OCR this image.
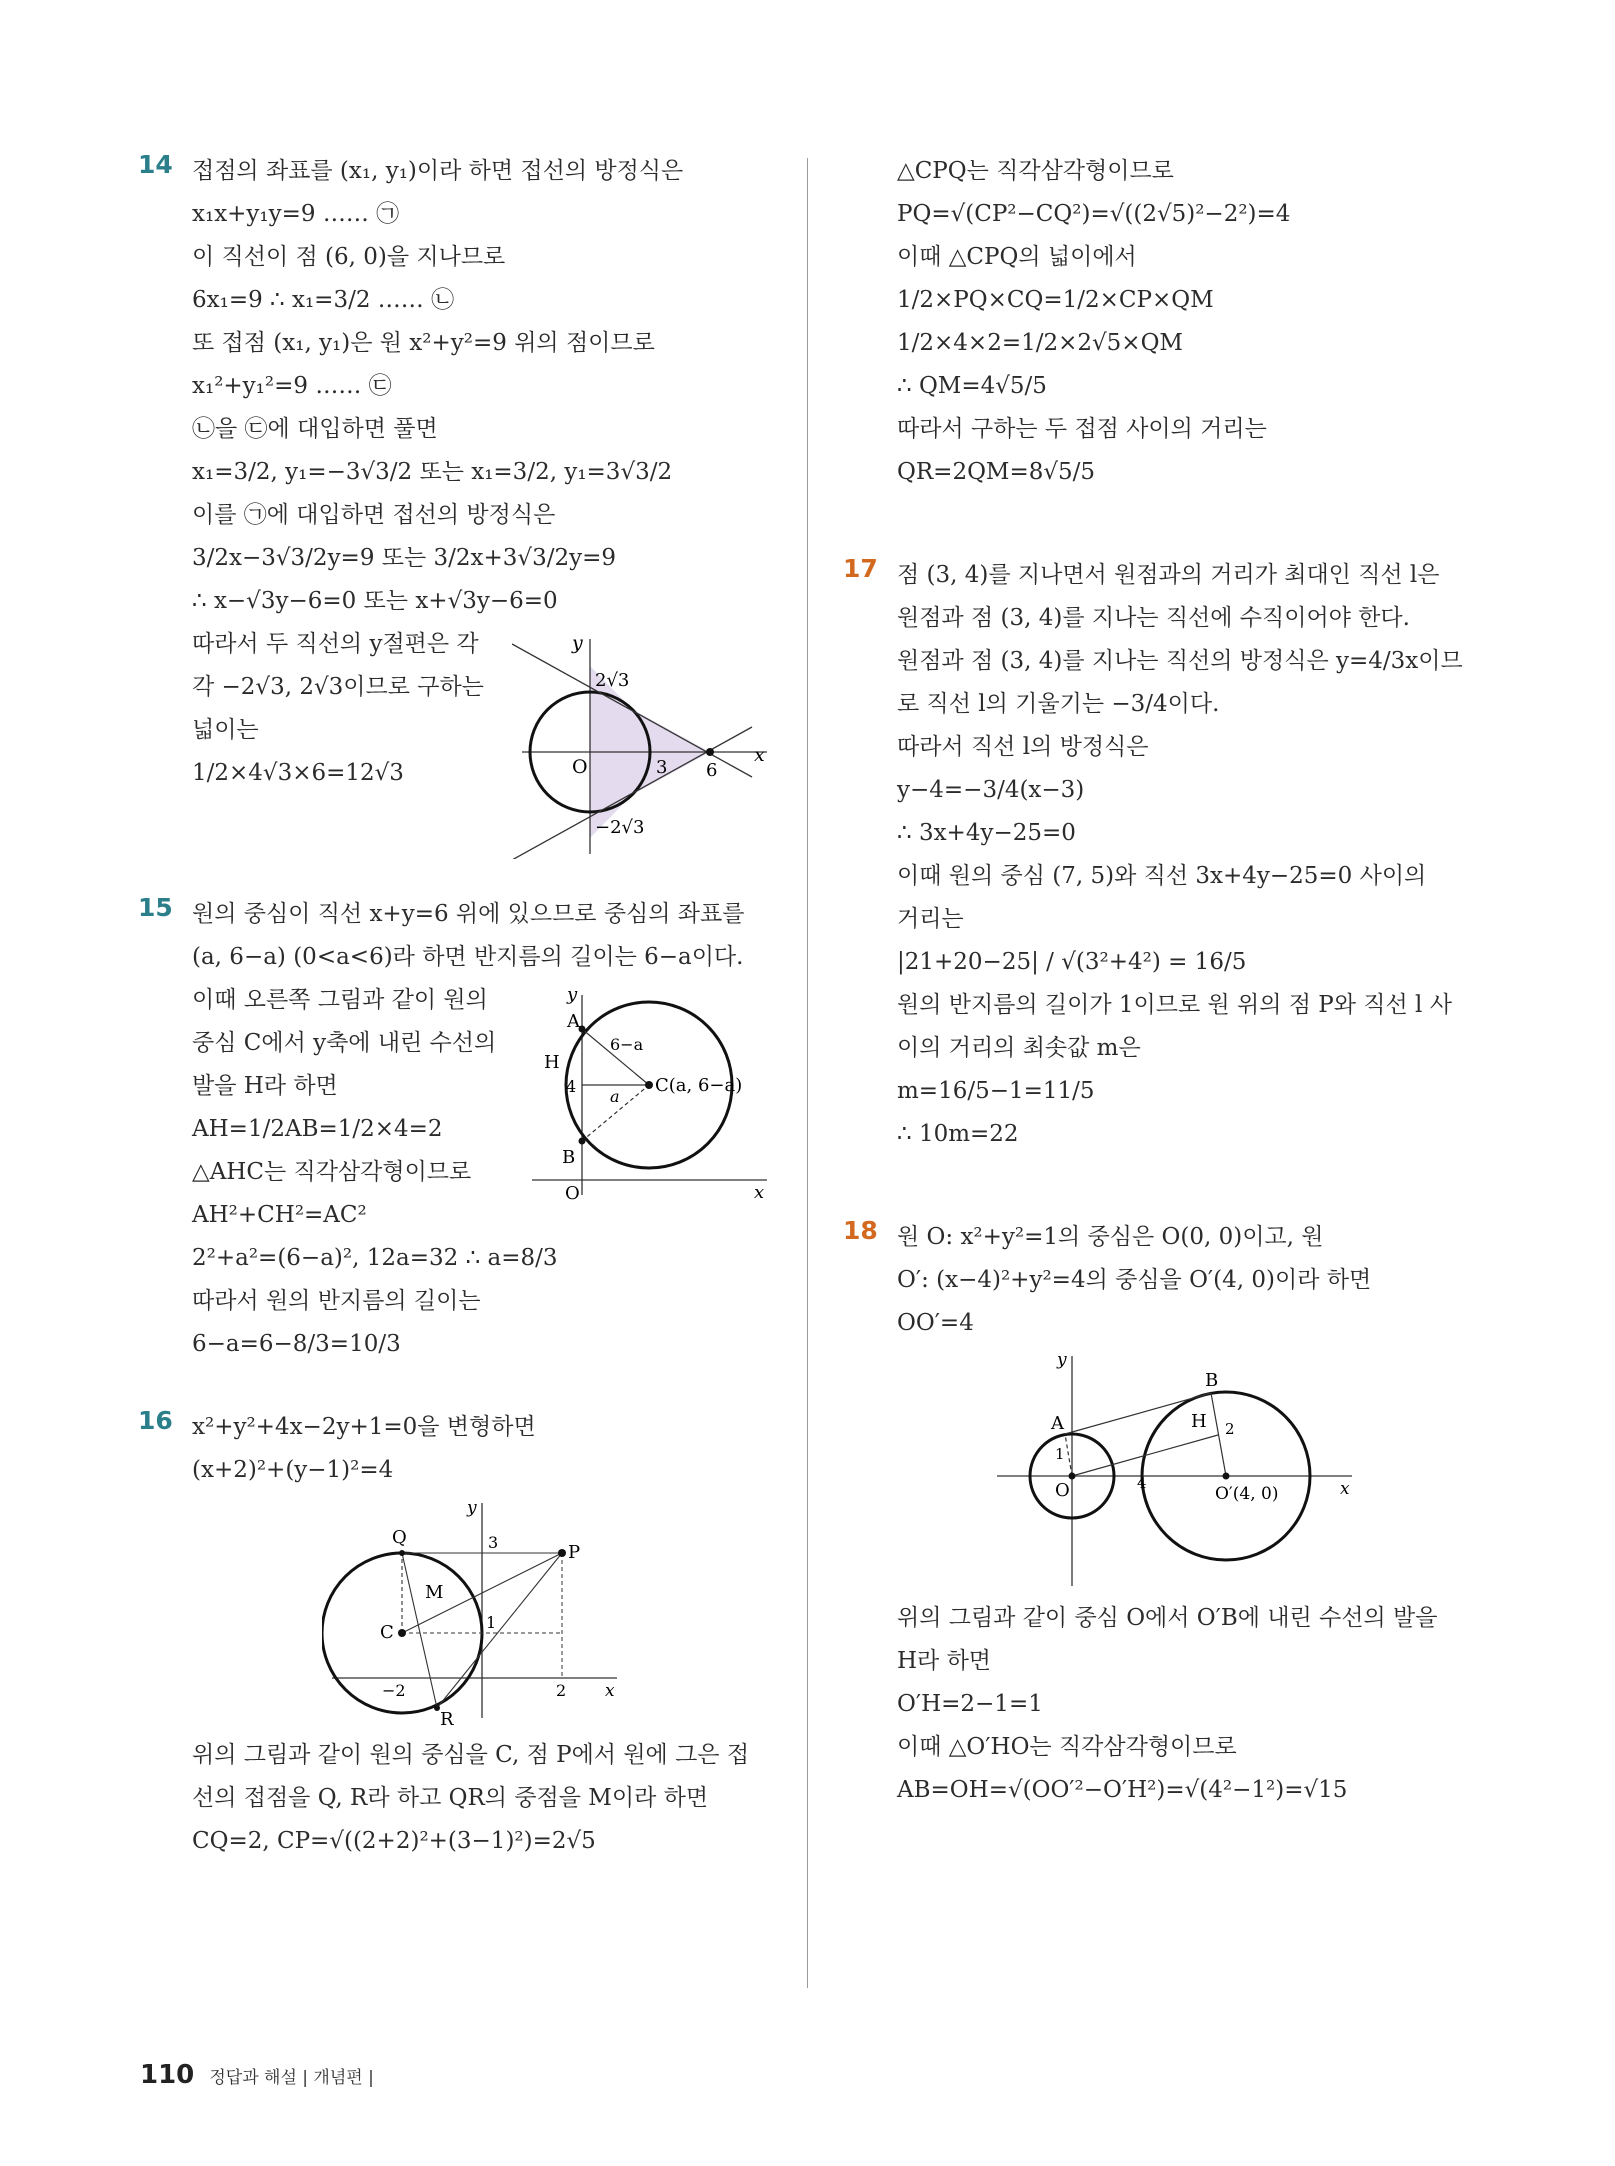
14 접점의 좌표를 (x₁, y₁)이라 하면 접선의 방정식은
x₁x+y₁y=9 …… ㉠
이 직선이 점 (6, 0)을 지나므로
6x₁=9 ∴ x₁=3/2 …… ㉡
또 접점 (x₁, y₁)은 원 x²+y²=9 위의 점이므로
x₁²+y₁²=9 …… ㉢
㉡을 ㉢에 대입하면 풀면
x₁=3/2, y₁=−3√3/2 또는 x₁=3/2, y₁=3√3/2
이를 ㉠에 대입하면 접선의 방정식은
3/2x−3√3/2y=9 또는 3/2x+3√3/2y=9
∴ x−√3y−6=0 또는 x+√3y−6=0
따라서 두 직선의 y절편은 각
각 −2√3, 2√3이므로 구하는
넓이는
1/2×4√3×6=12√3
y
x
O	3 6
2√3
−2√3
15 원의 중심이 직선 x+y=6 위에 있으므로 중심의 좌표를
(a, 6−a) (0<a<6)라 하면 반지름의 길이는 6−a이다.
이때 오른쪽 그림과 같이 원의
중심 C에서 y축에 내린 수선의
발을 H라 하면
AH=1/2AB=1/2×4=2
△AHC는 직각삼각형이므로
y
x
O
A
B
H
C(a, 6−a)
6−a
a
4
AH²+CH²=AC²
2²+a²=(6−a)², 12a=32 ∴ a=8/3
따라서 원의 반지름의 길이는
6−a=6−8/3=10/3
16 x²+y²+4x−2y+1=0을 변형하면
(x+2)²+(y−1)²=4
y
x
P
Q
R
M
C
3
1
−2	2
위의 그림과 같이 원의 중심을 C, 점 P에서 원에 그은 접
선의 접점을 Q, R라 하고 QR의 중점을 M이라 하면
CQ=2, CP=√((2+2)²+(3−1)²)=2√5
△CPQ는 직각삼각형이므로
PQ=√(CP²−CQ²)=√((2√5)²−2²)=4
이때 △CPQ의 넓이에서
1/2×PQ×CQ=1/2×CP×QM
1/2×4×2=1/2×2√5×QM
∴ QM=4√5/5
따라서 구하는 두 접점 사이의 거리는
QR=2QM=8√5/5
17 점 (3, 4)를 지나면서 원점과의 거리가 최대인 직선 l은
원점과 점 (3, 4)를 지나는 직선에 수직이어야 한다.
원점과 점 (3, 4)를 지나는 직선의 방정식은 y=4/3x이므
로 직선 l의 기울기는 −3/4이다.
따라서 직선 l의 방정식은
y−4=−3/4(x−3)
∴ 3x+4y−25=0
이때 원의 중심 (7, 5)와 직선 3x+4y−25=0 사이의
거리는
|21+20−25| / √(3²+4²) = 16/5
원의 반지름의 길이가 1이므로 원 위의 점 P와 직선 l 사
이의 거리의 최솟값 m은
m=16/5−1=11/5
∴ 10m=22
18 원 O: x²+y²=1의 중심은 O(0, 0)이고, 원
O′: (x−4)²+y²=4의 중심을 O′(4, 0)이라 하면
OO′=4
y
x
O	O′(4, 0)
A
B
H
1
2
4
위의 그림과 같이 중심 O에서 O′B에 내린 수선의 발을
H라 하면
O′H=2−1=1
이때 △O′HO는 직각삼각형이므로
AB=OH=√(OO′²−O′H²)=√(4²−1²)=√15
110 정답과 해설 | 개념편 |
